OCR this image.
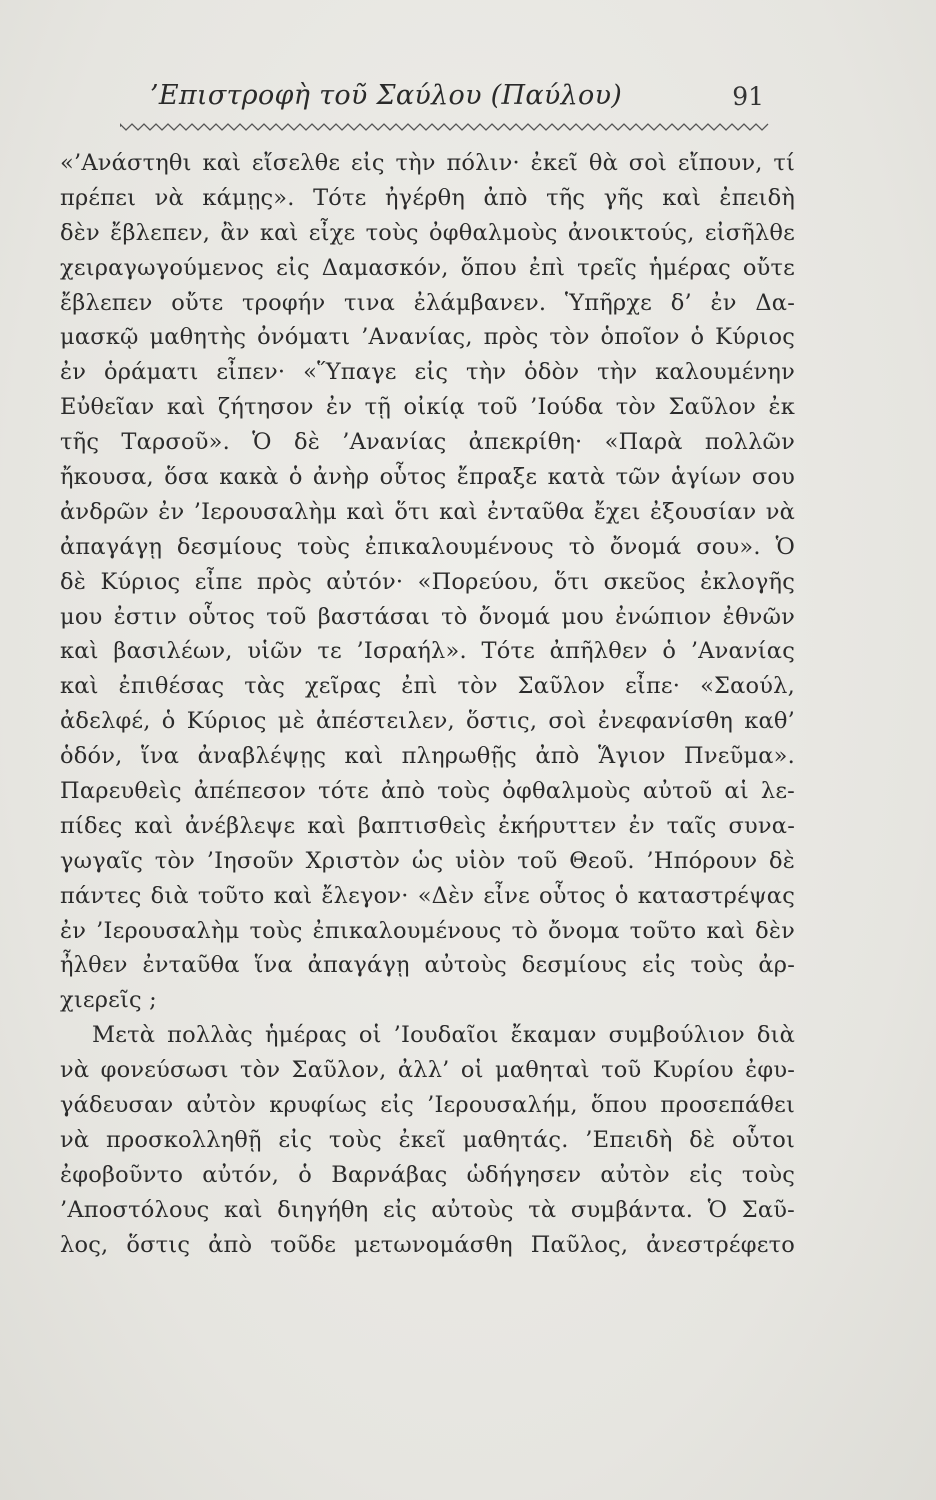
’Επιστροφὴ τοῦ Σαύλου (Παύλου)	91
«’Ανάστηθι καὶ εἴσελθε εἰς τὴν πόλιν· ἐκεῖ θὰ σοὶ εἴπουν, τί
πρέπει νὰ κάμῃς». Τότε ἠγέρθη ἀπὸ τῆς γῆς καὶ ἐπειδὴ
δὲν ἔβλεπεν, ἂν καὶ εἶχε τοὺς ὀφθαλμοὺς ἀνοικτούς, εἰσῆλθε
χειραγωγούμενος εἰς Δαμασκόν, ὅπου ἐπὶ τρεῖς ἡμέρας οὔτε
ἔβλεπεν οὔτε τροφήν τινα ἐλάμβανεν. Ὑπῆρχε δ’ ἐν Δα-
μασκῷ μαθητὴς ὀνόματι ’Ανανίας, πρὸς τὸν ὁποῖον ὁ Κύριος
ἐν ὁράματι εἶπεν· «Ὕπαγε εἰς τὴν ὁδὸν τὴν καλουμένην
Εὐθεῖαν καὶ ζήτησον ἐν τῇ οἰκίᾳ τοῦ ’Ιούδα τὸν Σαῦλον ἐκ
τῆς Ταρσοῦ». Ὁ δὲ ’Ανανίας ἀπεκρίθη· «Παρὰ πολλῶν
ἤκουσα, ὅσα κακὰ ὁ ἀνὴρ οὗτος ἔπραξε κατὰ τῶν ἁγίων σου
ἀνδρῶν ἐν ’Ιερουσαλὴμ καὶ ὅτι καὶ ἐνταῦθα ἔχει ἐξουσίαν νὰ
ἀπαγάγῃ δεσμίους τοὺς ἐπικαλουμένους τὸ ὄνομά σου». Ὁ
δὲ Κύριος εἶπε πρὸς αὐτόν· «Πορεύου, ὅτι σκεῦος ἐκλογῆς
μου ἐστιν οὗτος τοῦ βαστάσαι τὸ ὄνομά μου ἐνώπιον ἐθνῶν
καὶ βασιλέων, υἱῶν τε ’Ισραήλ». Τότε ἀπῆλθεν ὁ ’Ανανίας
καὶ ἐπιθέσας τὰς χεῖρας ἐπὶ τὸν Σαῦλον εἶπε· «Σαούλ,
ἀδελφέ, ὁ Κύριος μὲ ἀπέστειλεν, ὅστις, σοὶ ἐνεφανίσθη καθ’
ὁδόν, ἵνα ἀναβλέψῃς καὶ πληρωθῇς ἀπὸ Ἅγιον Πνεῦμα».
Παρευθεὶς ἀπέπεσον τότε ἀπὸ τοὺς ὀφθαλμοὺς αὐτοῦ αἱ λε-
πίδες καὶ ἀνέβλεψε καὶ βαπτισθεὶς ἐκήρυττεν ἐν ταῖς συνα-
γωγαῖς τὸν ’Ιησοῦν Χριστὸν ὡς υἱὸν τοῦ Θεοῦ. ’Ηπόρουν δὲ
πάντες διὰ τοῦτο καὶ ἔλεγον· «Δὲν εἶνε οὗτος ὁ καταστρέψας
ἐν ’Ιερουσαλὴμ τοὺς ἐπικαλουμένους τὸ ὄνομα τοῦτο καὶ δὲν
ἦλθεν ἐνταῦθα ἵνα ἀπαγάγῃ αὐτοὺς δεσμίους εἰς τοὺς ἀρ-
χιερεῖς ;
Μετὰ πολλὰς ἡμέρας οἱ ’Ιουδαῖοι ἔκαμαν συμβούλιον διὰ
νὰ φονεύσωσι τὸν Σαῦλον, ἀλλ’ οἱ μαθηταὶ τοῦ Κυρίου ἐφυ-
γάδευσαν αὐτὸν κρυφίως εἰς ’Ιερουσαλήμ, ὅπου προσεπάθει
νὰ προσκολληθῇ εἰς τοὺς ἐκεῖ μαθητάς. ’Επειδὴ δὲ οὗτοι
ἐφοβοῦντο αὐτόν, ὁ Βαρνάβας ὡδήγησεν αὐτὸν εἰς τοὺς
’Αποστόλους καὶ διηγήθη εἰς αὐτοὺς τὰ συμβάντα. Ὁ Σαῦ-
λος, ὅστις ἀπὸ τοῦδε μετωνομάσθη Παῦλος, ἀνεστρέφετο
